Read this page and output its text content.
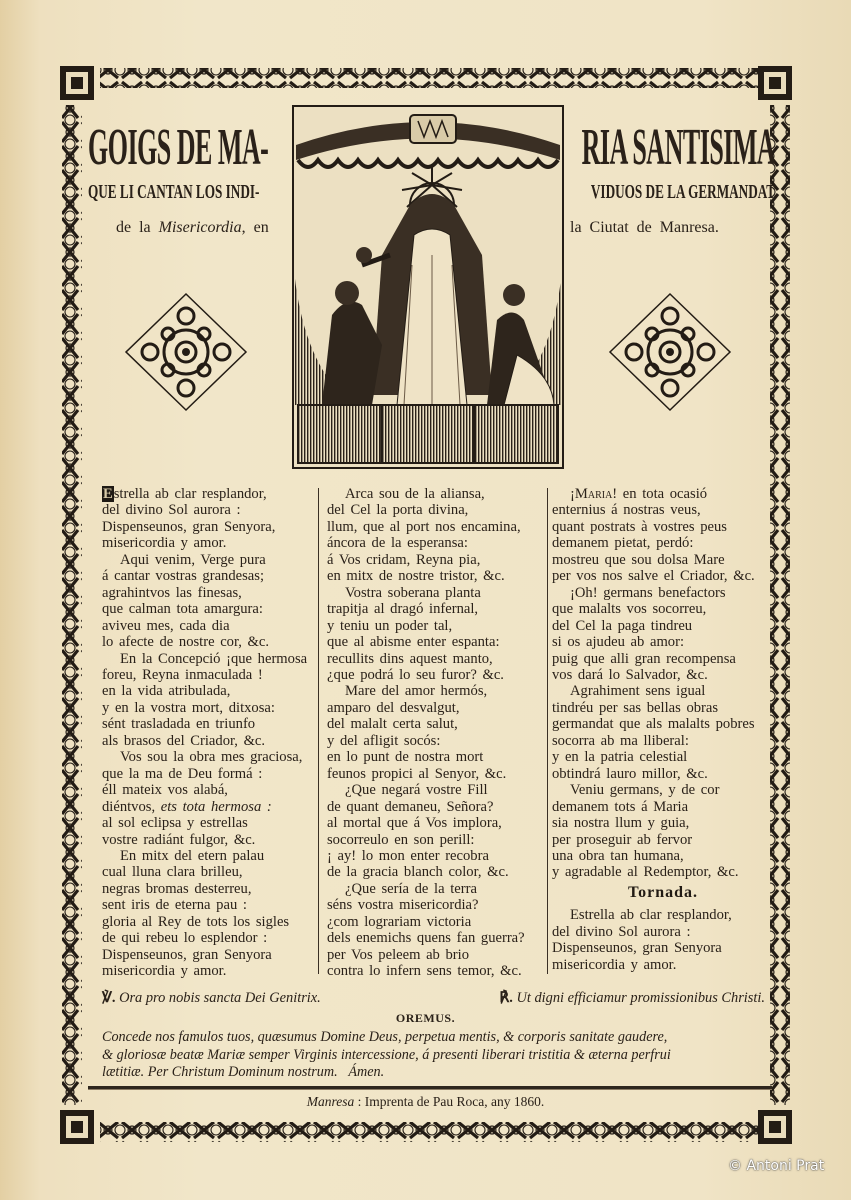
GOIGS DE MA-	RIA SANTISIMA
QUE LI CANTAN LOS INDI-	VIDUOS DE LA GERMANDAT
de la Misericordia, en	la Ciutat de Manresa.
Estrella ab clar resplandor,
del divino Sol aurora :
Dispenseunos, gran Senyora,
misericordia y amor.
Aqui venim, Verge pura
á cantar vostras grandesas;
agrahintvos las finesas,
que calman tota amargura:
aviveu mes, cada dia
lo afecte de nostre cor, &c.
En la Concepció ¡que hermosa
foreu, Reyna inmaculada !
en la vida atribulada,
y en la vostra mort, ditxosa:
sént trasladada en triunfo
als brasos del Criador, &c.
Vos sou la obra mes graciosa,
que la ma de Deu formá :
éll mateix vos alabá,
diéntvos, ets tota hermosa :
al sol eclipsa y estrellas
vostre radiánt fulgor, &c.
En mitx del etern palau
cual lluna clara brilleu,
negras bromas desterreu,
sent iris de eterna pau :
gloria al Rey de tots los sigles
de qui rebeu lo esplendor :
Dispenseunos, gran Senyora
misericordia y amor.
Arca sou de la aliansa,
del Cel la porta divina,
llum, que al port nos encamina,
áncora de la esperansa:
á Vos cridam, Reyna pia,
en mitx de nostre tristor, &c.
Vostra soberana planta
trapitja al dragó infernal,
y teniu un poder tal,
que al abisme enter espanta:
recullits dins aquest manto,
¿que podrá lo seu furor? &c.
Mare del amor hermós,
amparo del desvalgut,
del malalt certa salut,
y del afligit socós:
en lo punt de nostra mort
feunos propici al Senyor, &c.
¿Que negará vostre Fill
de quant demaneu, Señora?
al mortal que á Vos implora,
socorreulo en son perill:
¡ ay! lo mon enter recobra
de la gracia blanch color, &c.
¿Que sería de la terra
séns vostra misericordia?
¿com lograriam victoria
dels enemichs quens fan guerra?
per Vos peleem ab brio
contra lo infern sens temor, &c.
¡Maria! en tota ocasió
enternius á nostras veus,
quant postrats à vostres peus
demanem pietat, perdó:
mostreu que sou dolsa Mare
per vos nos salve el Criador, &c.
¡Oh! germans benefactors
que malalts vos socorreu,
del Cel la paga tindreu
si os ajudeu ab amor:
puig que alli gran recompensa
vos dará lo Salvador, &c.
Agrahiment sens igual
tindréu per sas bellas obras
germandat que als malalts pobres
socorra ab ma lliberal:
y en la patria celestial
obtindrá lauro millor, &c.
Veniu germans, y de cor
demanem tots á Maria
sia nostra llum y guia,
per proseguir ab fervor
una obra tan humana,
y agradable al Redemptor, &c.
Tornada.
Estrella ab clar resplandor,
del divino Sol aurora :
Dispenseunos, gran Senyora
misericordia y amor.
℣. Ora pro nobis sancta Dei Genitrix.	℟. Ut digni efficiamur promissionibus Christi.
OREMUS.
Concede nos famulos tuos, quæsumus Domine Deus, perpetua mentis, & corporis sanitate gaudere,
& gloriosæ beatæ Mariæ semper Virginis intercessione, á presenti liberari tristitia & æterna perfrui
lætitiæ. Per Christum Dominum nostrum.   Ámen.
Manresa : Imprenta de Pau Roca, any 1860.
© Antoni Prat
